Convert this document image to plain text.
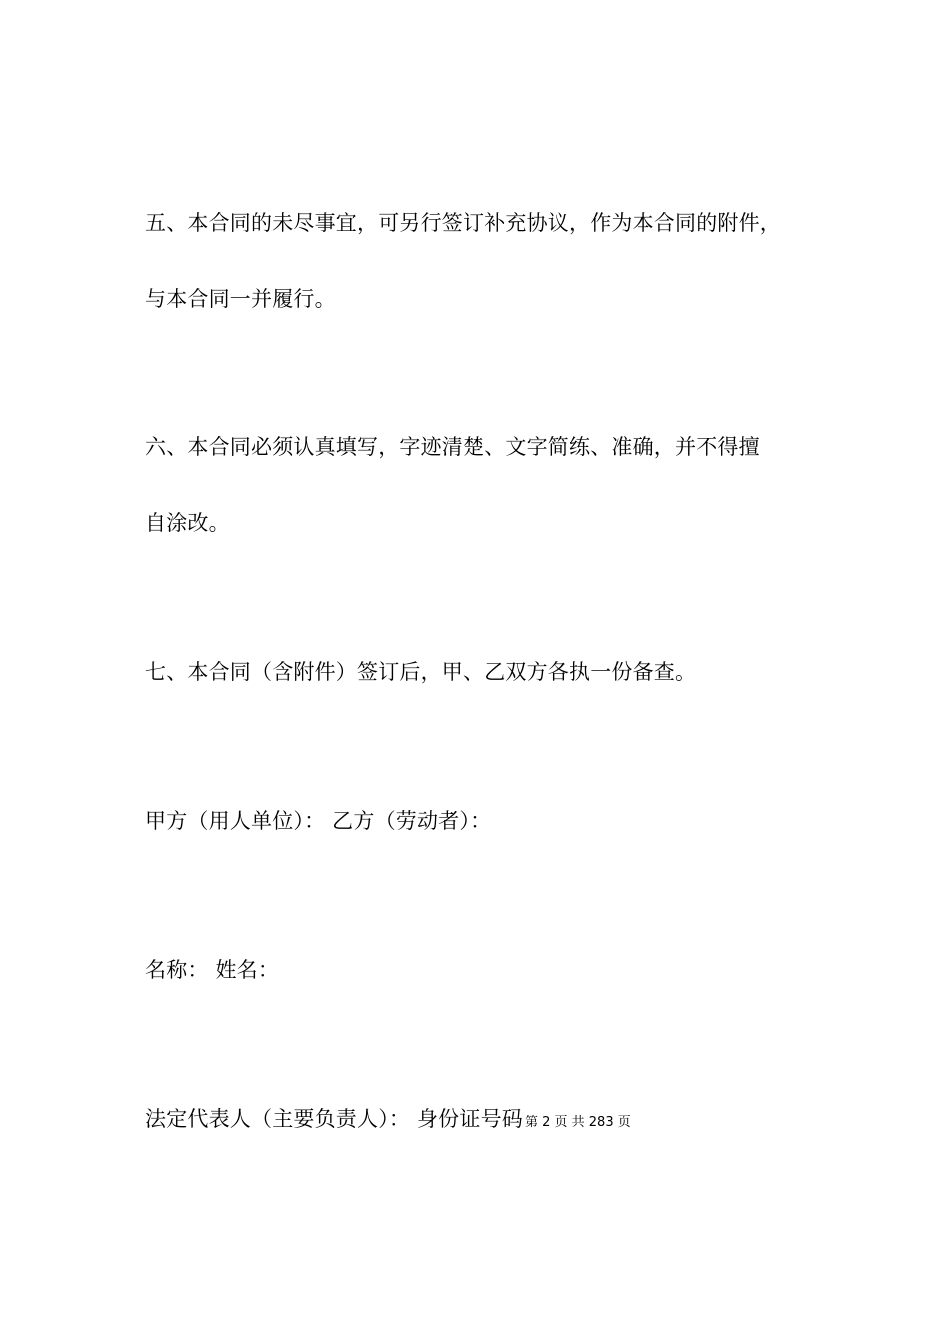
五、本合同的未尽事宜，可另行签订补充协议，作为本合同的附件，
与本合同一并履行。
六、本合同必须认真填写，字迹清楚、文字简练、准确，并不得擅
自涂改。
七、本合同（含附件）签订后，甲、乙双方各执一份备查。
甲方（用人单位）： 乙方（劳动者）：
名称： 姓名：
法定代表人（主要负责人）： 身份证号码 第 2 页 共 283 页
